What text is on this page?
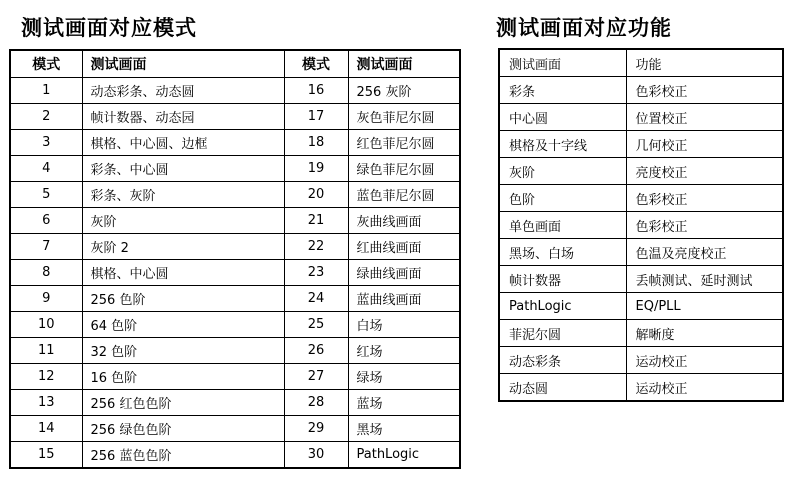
测试画面对应模式	测试画面对应功能
模式	测试画面	模式	测试画面
1	动态彩条、动态圆	16	256 灰阶
2	帧计数器、动态园	17	灰色菲尼尔圆
3	棋格、中心圆、边框	18	红色菲尼尔圆
4	彩条、中心圆	19	绿色菲尼尔圆
5	彩条、灰阶	20	蓝色菲尼尔圆
6	灰阶	21	灰曲线画面
7	灰阶 2	22	红曲线画面
8	棋格、中心圆	23	绿曲线画面
9	256 色阶	24	蓝曲线画面
10	64 色阶	25	白场
11	32 色阶	26	红场
12	16 色阶	27	绿场
13	256 红色色阶	28	蓝场
14	256 绿色色阶	29	黑场
15	256 蓝色色阶	30	PathLogic
测试画面	功能
彩条	色彩校正
中心圆	位置校正
棋格及十字线	几何校正
灰阶	亮度校正
色阶	色彩校正
单色画面	色彩校正
黑场、白场	色温及亮度校正
帧计数器	丢帧测试、延时测试
PathLogic	EQ/PLL
菲泥尔圆	解晰度
动态彩条	运动校正
动态圆	运动校正
